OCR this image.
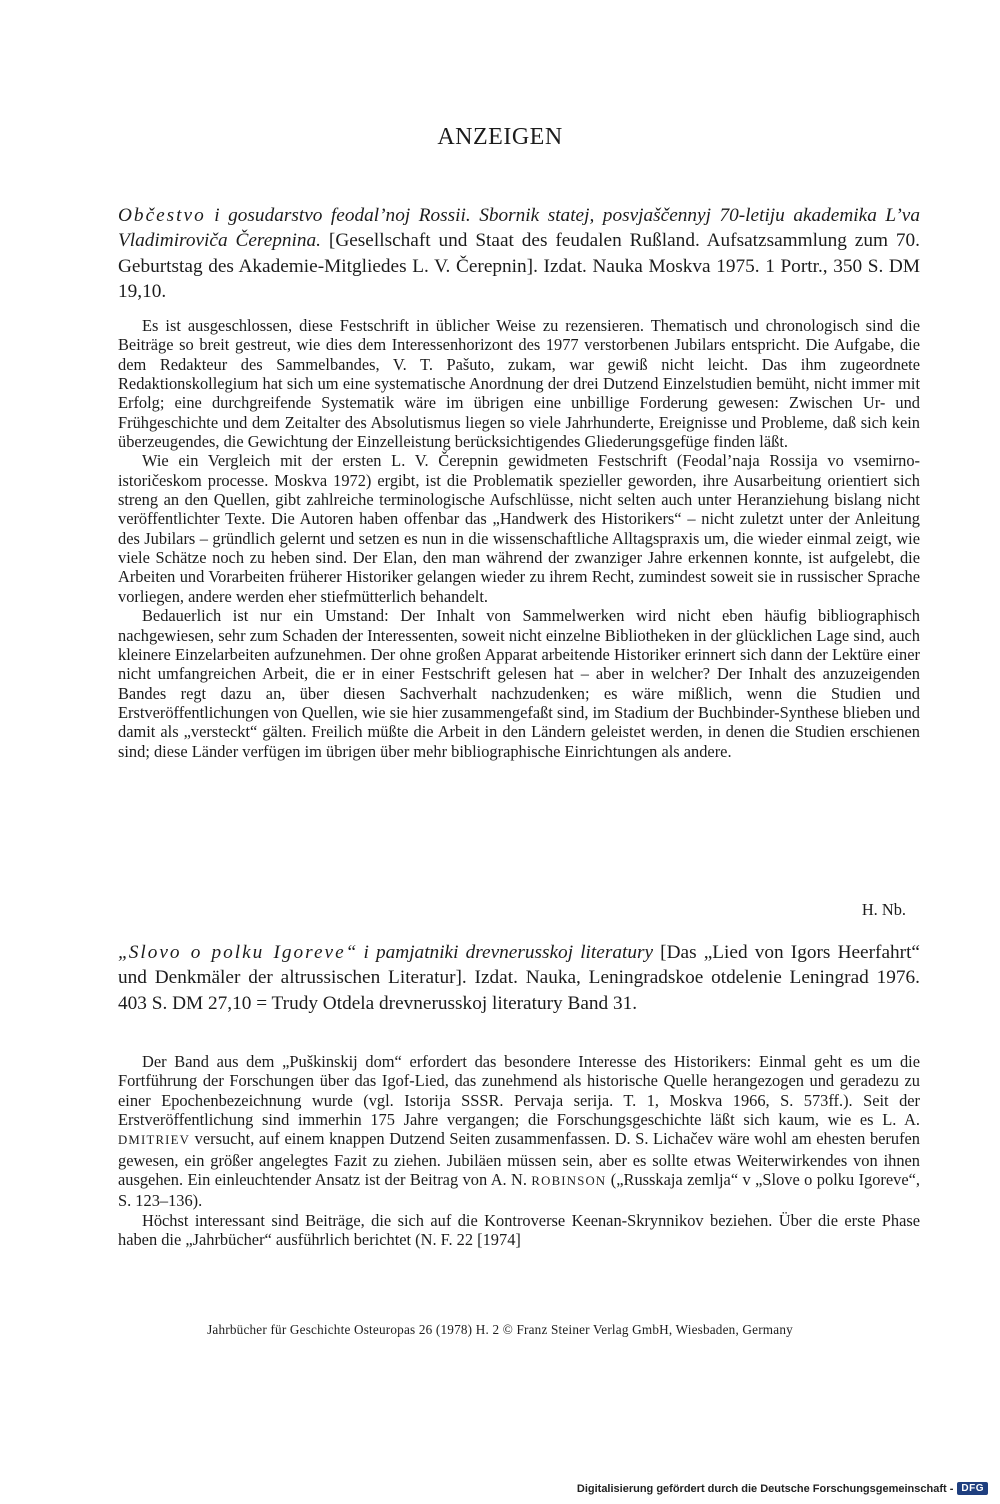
ANZEIGEN
Občestvo i gosudarstvo feodal’noj Rossii. Sbornik statej, posvjaščennyj 70-letiju akademika L’va Vladimiroviča Čerepnina. [Gesellschaft und Staat des feudalen Rußland. Aufsatzsammlung zum 70. Geburtstag des Akademie-Mitgliedes L. V. Čerepnin]. Izdat. Nauka Moskva 1975. 1 Portr., 350 S. DM 19,10.

Es ist ausgeschlossen, diese Festschrift in üblicher Weise zu rezensieren. Thematisch und chronologisch sind die Beiträge so breit gestreut, wie dies dem Interessenhorizont des 1977 verstorbenen Jubilars entspricht. Die Aufgabe, die dem Redakteur des Sammelbandes, V. T. Pašuto, zukam, war gewiß nicht leicht. Das ihm zugeordnete Redaktionskollegium hat sich um eine systematische Anordnung der drei Dutzend Einzelstudien bemüht, nicht immer mit Erfolg; eine durchgreifende Systematik wäre im übrigen eine unbillige Forderung gewesen: Zwischen Ur- und Frühgeschichte und dem Zeitalter des Absolutismus liegen so viele Jahrhunderte, Ereignisse und Probleme, daß sich kein überzeugendes, die Gewichtung der Einzelleistung berücksichtigendes Gliederungsgefüge finden läßt.

Wie ein Vergleich mit der ersten L. V. Čerepnin gewidmeten Festschrift (Feodal’naja Rossija vo vsemirno-istoričeskom processe. Moskva 1972) ergibt, ist die Problematik spezieller geworden, ihre Ausarbeitung orientiert sich streng an den Quellen, gibt zahlreiche terminologische Aufschlüsse, nicht selten auch unter Heranziehung bislang nicht veröffentlichter Texte. Die Autoren haben offenbar das „Handwerk des Historikers“ – nicht zuletzt unter der Anleitung des Jubilars – gründlich gelernt und setzen es nun in die wissenschaftliche Alltagspraxis um, die wieder einmal zeigt, wie viele Schätze noch zu heben sind. Der Elan, den man während der zwanziger Jahre erkennen konnte, ist aufgelebt, die Arbeiten und Vorarbeiten früherer Historiker gelangen wieder zu ihrem Recht, zumindest soweit sie in russischer Sprache vorliegen, andere werden eher stiefmütterlich behandelt.

Bedauerlich ist nur ein Umstand: Der Inhalt von Sammelwerken wird nicht eben häufig bibliographisch nachgewiesen, sehr zum Schaden der Interessenten, soweit nicht einzelne Bibliotheken in der glücklichen Lage sind, auch kleinere Einzelarbeiten aufzunehmen. Der ohne großen Apparat arbeitende Historiker erinnert sich dann der Lektüre einer nicht umfangreichen Arbeit, die er in einer Festschrift gelesen hat – aber in welcher? Der Inhalt des anzuzeigenden Bandes regt dazu an, über diesen Sachverhalt nachzudenken; es wäre mißlich, wenn die Studien und Erstveröffentlichungen von Quellen, wie sie hier zusammengefaßt sind, im Stadium der Buchbinder-Synthese blieben und damit als „versteckt“ gälten. Freilich müßte die Arbeit in den Ländern geleistet werden, in denen die Studien erschienen sind; diese Länder verfügen im übrigen über mehr bibliographische Einrichtungen als andere.

H. Nb.
„Slovo o polku Igoreve“ i pamjatniki drevnerusskoj literatury [Das „Lied von Igors Heerfahrt“ und Denkmäler der altrussischen Literatur]. Izdat. Nauka, Leningradskoe otdelenie Leningrad 1976. 403 S. DM 27,10 = Trudy Otdela drevnerusskoj literatury Band 31.

Der Band aus dem „Puškinskij dom“ erfordert das besondere Interesse des Historikers: Einmal geht es um die Fortführung der Forschungen über das Igof-Lied, das zunehmend als historische Quelle herangezogen und geradezu zu einer Epochenbezeichnung wurde (vgl. Istorija SSSR. Pervaja serija. T. 1, Moskva 1966, S. 573ff.). Seit der Erstveröffentlichung sind immerhin 175 Jahre vergangen; die Forschungsgeschichte läßt sich kaum, wie es L. A. DMITRIEV versucht, auf einem knappen Dutzend Seiten zusammenfassen. D. S. Lichačev wäre wohl am ehesten berufen gewesen, ein größer angelegtes Fazit zu ziehen. Jubiläen müssen sein, aber es sollte etwas Weiterwirkendes von ihnen ausgehen. Ein einleuchtender Ansatz ist der Beitrag von A. N. ROBINSON („Russkaja zemlja“ v „Slove o polku Igoreve“, S. 123–136).

Höchst interessant sind Beiträge, die sich auf die Kontroverse Keenan-Skrynnikov beziehen. Über die erste Phase haben die „Jahrbücher“ ausführlich berichtet (N. F. 22 [1974]

Jahrbücher für Geschichte Osteuropas 26 (1978) H. 2 © Franz Steiner Verlag GmbH, Wiesbaden, Germany
Digitalisierung gefördert durch die Deutsche Forschungsgemeinschaft - DFG
